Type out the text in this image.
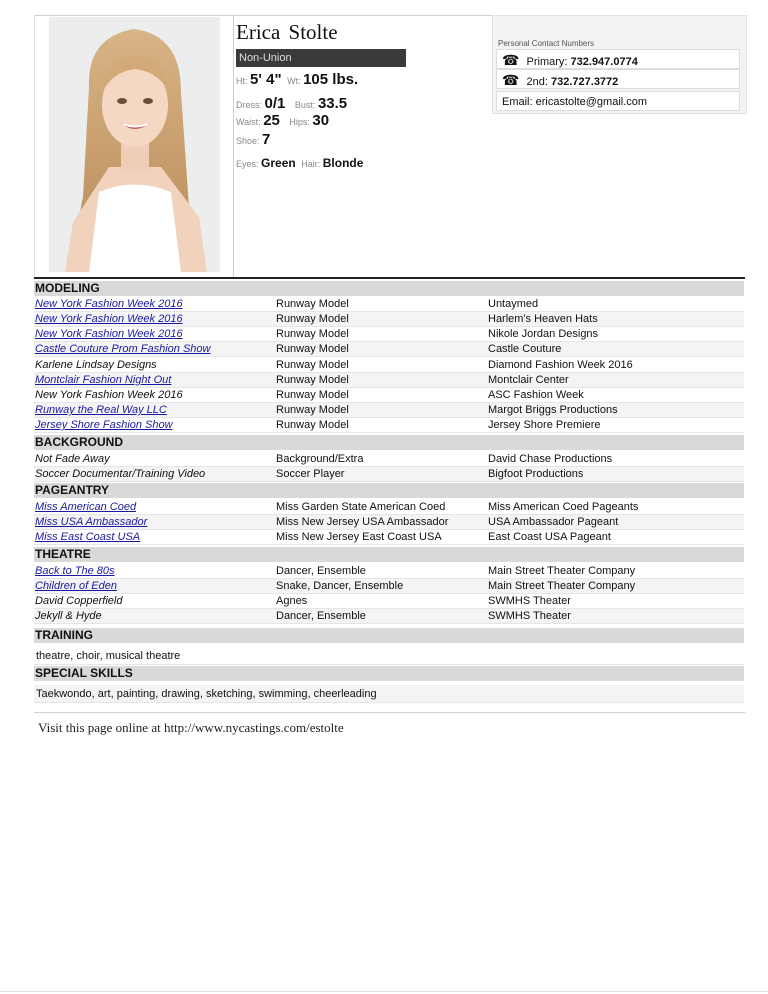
Erica Stolte
Non-Union
Ht: 5' 4" Wt: 105 lbs.
Dress: 0/1 Bust: 33.5
Waist: 25 Hips: 30
Shoe: 7
Eyes: Green Hair: Blonde
Personal Contact Numbers
☎ Primary: 732.947.0774
☎ 2nd: 732.727.3772
Email: ericastolte@gmail.com
MODELING
New York Fashion Week 2016	Runway Model	Untaymed
New York Fashion Week 2016	Runway Model	Harlem's Heaven Hats
New York Fashion Week 2016	Runway Model	Nikole Jordan Designs
Castle Couture Prom Fashion Show	Runway Model	Castle Couture
Karlene Lindsay Designs	Runway Model	Diamond Fashion Week 2016
Montclair Fashion Night Out	Runway Model	Montclair Center
New York Fashion Week 2016	Runway Model	ASC Fashion Week
Runway the Real Way LLC	Runway Model	Margot Briggs Productions
Jersey Shore Fashion Show	Runway Model	Jersey Shore Premiere
BACKGROUND
Not Fade Away	Background/Extra	David Chase Productions
Soccer Documentar/Training Video	Soccer Player	Bigfoot Productions
PAGEANTRY
Miss American Coed	Miss Garden State American Coed	Miss American Coed Pageants
Miss USA Ambassador	Miss New Jersey USA Ambassador	USA Ambassador Pageant
Miss East Coast USA	Miss New Jersey East Coast USA	East Coast USA Pageant
THEATRE
Back to The 80s	Dancer, Ensemble	Main Street Theater Company
Children of Eden	Snake, Dancer, Ensemble	Main Street Theater Company
David Copperfield	Agnes	SWMHS Theater
Jekyll & Hyde	Dancer, Ensemble	SWMHS Theater
TRAINING
theatre, choir, musical theatre
SPECIAL SKILLS
Taekwondo, art, painting, drawing, sketching, swimming, cheerleading
Visit this page online at http://www.nycastings.com/estolte
